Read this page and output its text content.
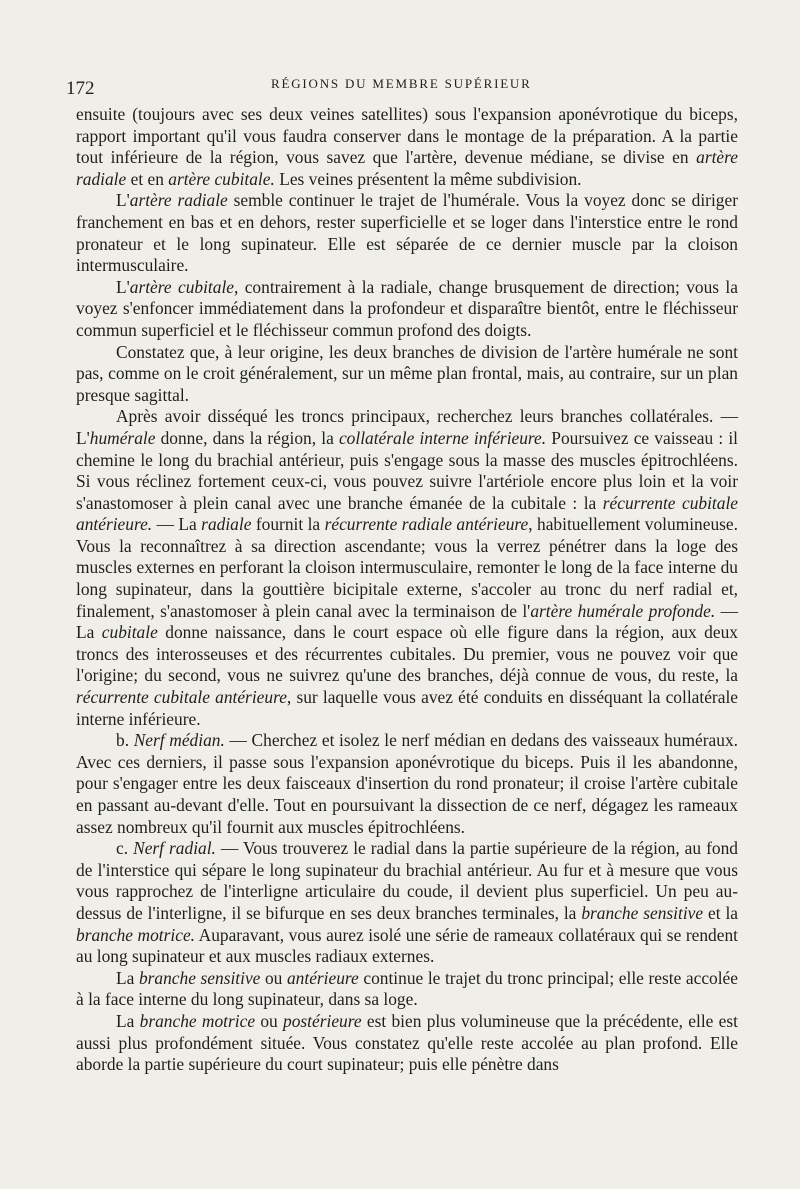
172	RÉGIONS DU MEMBRE SUPÉRIEUR

ensuite (toujours avec ses deux veines satellites) sous l'expansion aponévrotique du biceps, rapport important qu'il vous faudra conserver dans le montage de la préparation. A la partie tout inférieure de la région, vous savez que l'artère, devenue médiane, se divise en artère radiale et en artère cubitale. Les veines présentent la même subdivision.

L'artère radiale semble continuer le trajet de l'humérale. Vous la voyez donc se diriger franchement en bas et en dehors, rester superficielle et se loger dans l'interstice entre le rond pronateur et le long supinateur. Elle est séparée de ce dernier muscle par la cloison intermusculaire.

L'artère cubitale, contrairement à la radiale, change brusquement de direction; vous la voyez s'enfoncer immédiatement dans la profondeur et disparaître bientôt, entre le fléchisseur commun superficiel et le fléchisseur commun profond des doigts.

Constatez que, à leur origine, les deux branches de division de l'artère humérale ne sont pas, comme on le croit généralement, sur un même plan frontal, mais, au contraire, sur un plan presque sagittal.

Après avoir disséqué les troncs principaux, recherchez leurs branches collatérales. — L'humérale donne, dans la région, la collatérale interne inférieure. Poursuivez ce vaisseau : il chemine le long du brachial antérieur, puis s'engage sous la masse des muscles épitrochléens. Si vous réclinez fortement ceux-ci, vous pouvez suivre l'artériole encore plus loin et la voir s'anastomoser à plein canal avec une branche émanée de la cubitale : la récurrente cubitale antérieure. — La radiale fournit la récurrente radiale antérieure, habituellement volumineuse. Vous la reconnaîtrez à sa direction ascendante; vous la verrez pénétrer dans la loge des muscles externes en perforant la cloison intermusculaire, remonter le long de la face interne du long supinateur, dans la gouttière bicipitale externe, s'accoler au tronc du nerf radial et, finalement, s'anastomoser à plein canal avec la terminaison de l'artère humérale profonde. — La cubitale donne naissance, dans le court espace où elle figure dans la région, aux deux troncs des interosseuses et des récurrentes cubitales. Du premier, vous ne pouvez voir que l'origine; du second, vous ne suivrez qu'une des branches, déjà connue de vous, du reste, la récurrente cubitale antérieure, sur laquelle vous avez été conduits en disséquant la collatérale interne inférieure.

b. Nerf médian. — Cherchez et isolez le nerf médian en dedans des vaisseaux huméraux. Avec ces derniers, il passe sous l'expansion aponévrotique du biceps. Puis il les abandonne, pour s'engager entre les deux faisceaux d'insertion du rond pronateur; il croise l'artère cubitale en passant au-devant d'elle. Tout en poursuivant la dissection de ce nerf, dégagez les rameaux assez nombreux qu'il fournit aux muscles épitrochléens.

c. Nerf radial. — Vous trouverez le radial dans la partie supérieure de la région, au fond de l'interstice qui sépare le long supinateur du brachial antérieur. Au fur et à mesure que vous vous rapprochez de l'interligne articulaire du coude, il devient plus superficiel. Un peu au-dessus de l'interligne, il se bifurque en ses deux branches terminales, la branche sensitive et la branche motrice. Auparavant, vous aurez isolé une série de rameaux collatéraux qui se rendent au long supinateur et aux muscles radiaux externes.

La branche sensitive ou antérieure continue le trajet du tronc principal; elle reste accolée à la face interne du long supinateur, dans sa loge.

La branche motrice ou postérieure est bien plus volumineuse que la précédente, elle est aussi plus profondément située. Vous constatez qu'elle reste accolée au plan profond. Elle aborde la partie supérieure du court supinateur; puis elle pénètre dans
